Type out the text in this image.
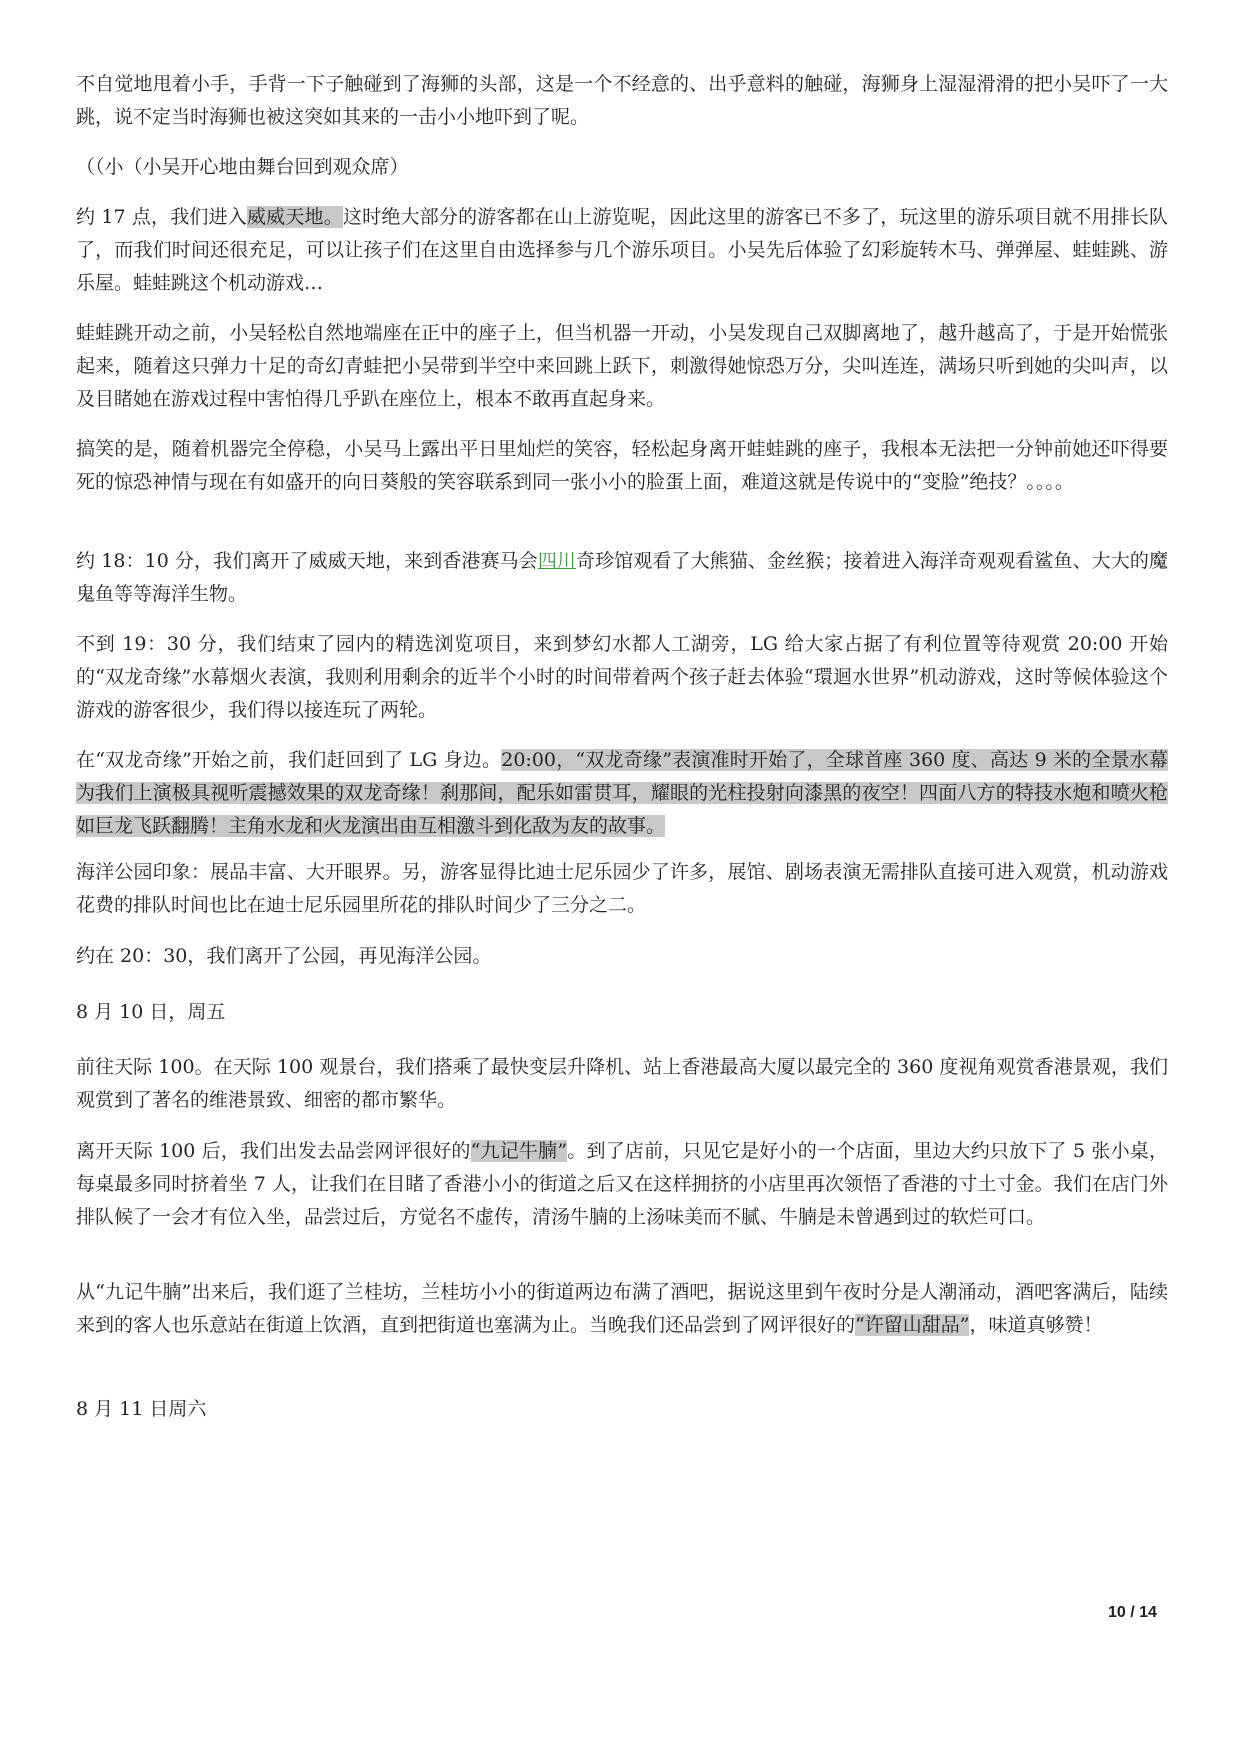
不自觉地甩着小手，手背一下子触碰到了海狮的头部，这是一个不经意的、出乎意料的触碰，海狮身上湿湿滑滑的把小吴吓了一大跳，说不定当时海狮也被这突如其来的一击小小地吓到了呢。

（（小（小吴开心地由舞台回到观众席）

约 17 点，我们进入威威天地。这时绝大部分的游客都在山上游览呢，因此这里的游客已不多了，玩这里的游乐项目就不用排长队了，而我们时间还很充足，可以让孩子们在这里自由选择参与几个游乐项目。小吴先后体验了幻彩旋转木马、弹弹屋、蛙蛙跳、游乐屋。蛙蛙跳这个机动游戏…

蛙蛙跳开动之前，小吴轻松自然地端座在正中的座子上，但当机器一开动，小吴发现自己双脚离地了，越升越高了，于是开始慌张起来，随着这只弹力十足的奇幻青蛙把小吴带到半空中来回跳上跃下，刺激得她惊恐万分，尖叫连连，满场只听到她的尖叫声，以及目睹她在游戏过程中害怕得几乎趴在座位上，根本不敢再直起身来。

搞笑的是，随着机器完全停稳，小吴马上露出平日里灿烂的笑容，轻松起身离开蛙蛙跳的座子，我根本无法把一分钟前她还吓得要死的惊恐神情与现在有如盛开的向日葵般的笑容联系到同一张小小的脸蛋上面，难道这就是传说中的“变脸”绝技？。。。。

约 18：10 分，我们离开了威威天地，来到香港赛马会四川奇珍馆观看了大熊猫、金丝猴；接着进入海洋奇观观看鲨鱼、大大的魔鬼鱼等等海洋生物。

不到 19：30 分，我们结束了园内的精选浏览项目，来到梦幻水都人工湖旁，LG 给大家占据了有利位置等待观赏 20:00 开始的“双龙奇缘”水幕烟火表演，我则利用剩余的近半个小时的时间带着两个孩子赶去体验“環迴水世界”机动游戏，这时等候体验这个游戏的游客很少，我们得以接连玩了两轮。

在“双龙奇缘”开始之前，我们赶回到了 LG 身边。20:00，“双龙奇缘”表演准时开始了，全球首座 360 度、高达 9 米的全景水幕为我们上演极具视听震撼效果的双龙奇缘！刹那间，配乐如雷贯耳，耀眼的光柱投射向漆黑的夜空！四面八方的特技水炮和喷火枪如巨龙飞跃翻腾！主角水龙和火龙演出由互相激斗到化敌为友的故事。

海洋公园印象：展品丰富、大开眼界。另，游客显得比迪士尼乐园少了许多，展馆、剧场表演无需排队直接可进入观赏，机动游戏花费的排队时间也比在迪士尼乐园里所花的排队时间少了三分之二。

约在 20：30，我们离开了公园，再见海洋公园。

8 月 10 日，周五

前往天际 100。在天际 100 观景台，我们搭乘了最快变层升降机、站上香港最高大厦以最完全的 360 度视角观赏香港景观，我们观赏到了著名的维港景致、细密的都市繁华。

离开天际 100 后，我们出发去品尝网评很好的“九记牛腩”。到了店前，只见它是好小的一个店面，里边大约只放下了 5 张小桌，每桌最多同时挤着坐 7 人，让我们在目睹了香港小小的街道之后又在这样拥挤的小店里再次领悟了香港的寸土寸金。我们在店门外排队候了一会才有位入坐，品尝过后，方觉名不虚传，清汤牛腩的上汤味美而不腻、牛腩是未曾遇到过的软烂可口。

从“九记牛腩”出来后，我们逛了兰桂坊，兰桂坊小小的街道两边布满了酒吧，据说这里到午夜时分是人潮涌动，酒吧客满后，陆续来到的客人也乐意站在街道上饮酒，直到把街道也塞满为止。当晚我们还品尝到了网评很好的“许留山甜品”，味道真够赞！

8 月 11 日周六

10 / 14
